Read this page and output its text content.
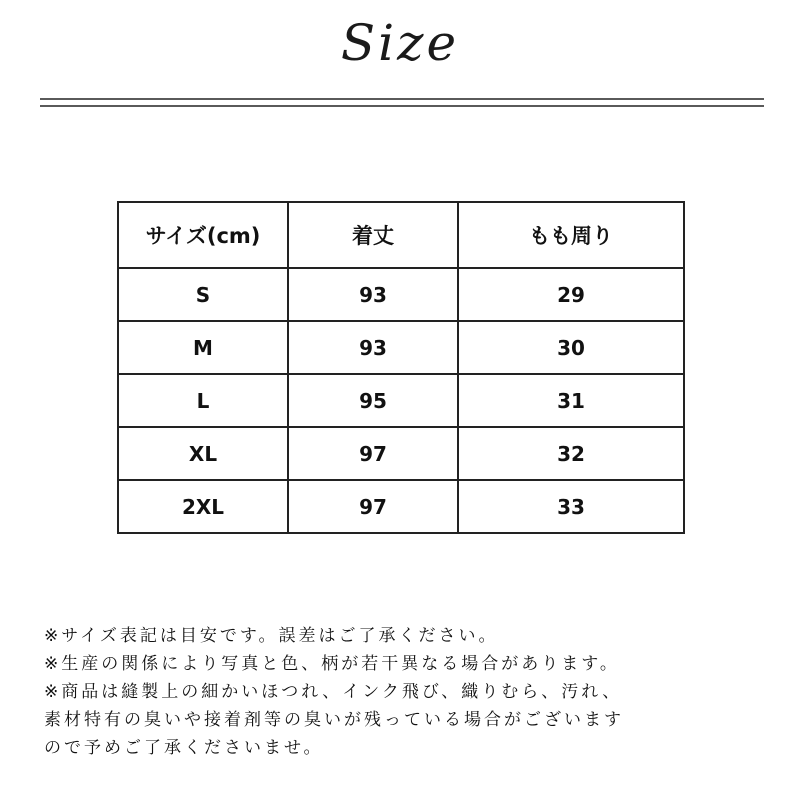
Size
サイズ(cm)	着丈	もも周り
S	93	29
M	93	30
L	95	31
XL	97	32
2XL	97	33
※サイズ表記は目安です。誤差はご了承ください。
※生産の関係により写真と色、柄が若干異なる場合があります。
※商品は縫製上の細かいほつれ、インク飛び、織りむら、汚れ、
素材特有の臭いや接着剤等の臭いが残っている場合がございます
ので予めご了承くださいませ。
